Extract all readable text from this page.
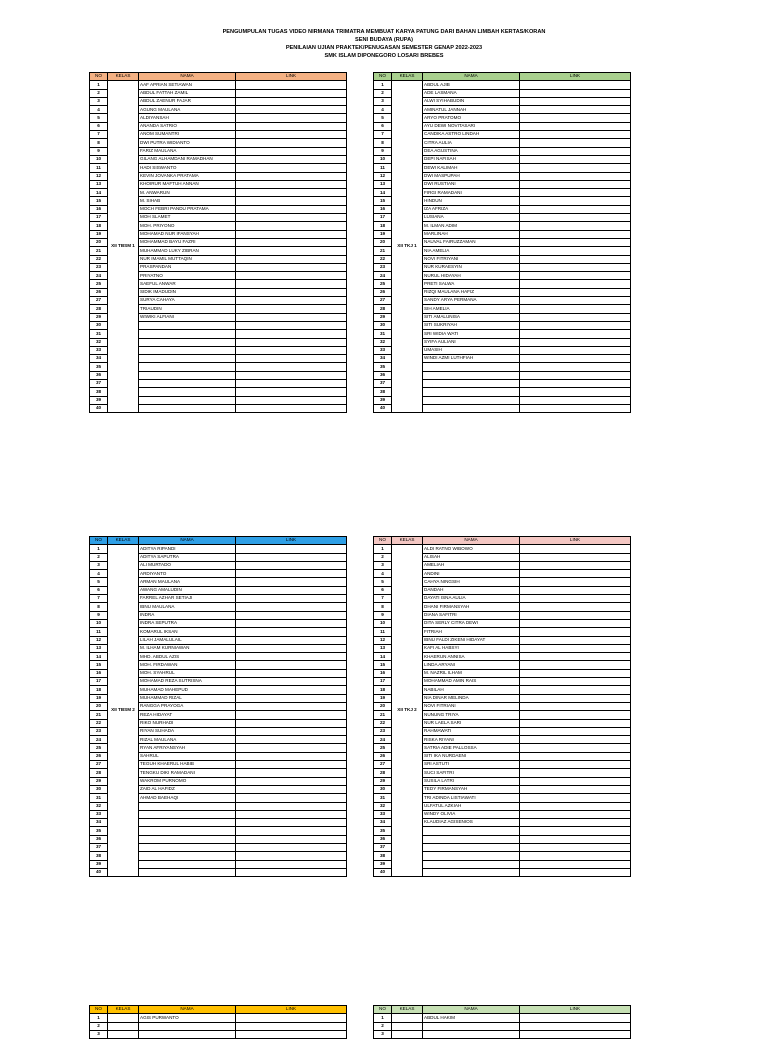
PENGUMPULAN TUGAS VIDEO NIRMANA TRIMATRA MEMBUAT KARYA PATUNG DARI BAHAN LIMBAH KERTAS/KORAN
SENI BUDAYA (RUPA)
PENILAIAN UJIAN PRAKTEK/PENUGASAN SEMESTER GENAP 2022-2023
SMK ISLAM DIPONEGORO LOSARI BREBES
NO	KELAS	NAMA	LINK
1	XII TBSM 1	AAF APRIAN SETIAWAN	
2		ABDUL FATTAH ZAMIL	
3		ABDUL ZAENUR FAJAR	
4		AGUNG MAULANA	
5		ALDIYANSAH	
6		ANANDA SATRIO	
7		ANOM SUMANTRI	
8		DWI PUTRA WIDIANTO	
9		FARIZ MAULANA	
10		GILANG ALHAMDANI RAMADHAN	
11		HADI SISWANTO	
12		KEVIN JOVANKA PRATAMA	
13		KHOIRUR MAFTUH ANNAN	
14		M. ANWARUN	
15		M. SIHAB	
16		MOCH FEBRI PANDU PRATAMA	
17		MOH SLAMET	
18		MOH. PRIYONO	
19		MOHAMAD NUR IFANSYAH	
20		MOHAMMAD BAYU FAZRI	
21		MUHAMMAD LUKY ZIBRAN	
22		NUR IMAMIL MUTTAQIN	
23		PRASPANDAN	
24		PRIYATNO	
25		SAEFUL ANWAR	
26		SIDIK IMADUDIN	
27		SURYA CAHAYA	
28		TRIAUDIN	
29		WIWIKI ALFIANI	
30			
31			
32			
33			
34			
35			
36			
37			
38			
39			
40			
NO	KELAS	NAMA	LINK
1	XII TKJ 1	ABDUL AJIB	
2		ADE LASMANA	
3		ALWI SYIHABUDIN	
4		AMINATUL JANNAH	
5		ARYO PRATOMO	
6		AYU DEWI NOVITASARI	
7		CANDIKA ASTRO LINDAH	
8		CITRA AULIA	
9		DEA AGUSTINA	
10		DEPI NAFISAH	
11		DEWI KALIMAH	
12		DWI MASPUPAH	
13		DWI RUSTIANI	
14		FIRGI RAMADANI	
15		HINDUN	
16		IZA AFRIZA	
17		LUSIANA	
18		M. ILMAN ADIM	
19		MARLINAH	
20		NAUVAL FAIRUZZAMAN	
21		NIA AMELIA	
22		NOVI FITRIYANI	
23		NUR KURAESYIN	
24		NURUL HIDAYAH	
25		PRETI SALWA	
26		RIZQI MAULANA HAFIZ	
27		SANDY ARYA PERMANA	
28		SIH AMELIA	
29		SITI AMALUNISA	
30		SITI SUKRIYAH	
31		SRI WIDIA WATI	
32		SYIFA AULIANI	
33		UMASIH	
34		WINDI AZMI LUTHFIAH	
35			
36			
37			
38			
39			
40			
NO	KELAS	NAMA	LINK
1	XII TBSM 2	ADITYA RIPANDI	
2		ADITYA SAPUTRA	
3		ALI MURTADO	
4		ARDIYANTO	
5		ARMAN MAULANA	
6		AWANG AMALUDIN	
7		FARREL AZHAR SETIAJI	
8		IBNU MAULANA	
9		INDRA	
10		INDRA SEPUTRA	
11		KOMARUL IKSAN	
12		LILAH JAMALULAIL	
13		M. ILHAM KURNIAWAN	
14		MHD. ABDUL AZIS	
15		MOH. FIRDAWAN	
16		MOH. SYAHRUL	
17		MOHAMAD REZA SUTRISNA	
18		MUHAMAD MAHEPUD	
19		MUHAMMAD RIZAL	
20		RANGGA PRAYOGA	
21		REZA HIDAYAT	
22		RIKO NURHADI	
23		RIYAN SUHADA	
24		RIZAL MAULANA	
25		RYAN AFRIYANSYAH	
26		SAHRUL	
27		TEGUH KHAERUL HABIB	
28		TENGKU DIKI RAMADANI	
29		WAKROM PURNOMO	
30		ZAID AL HAFIDZ	
31		AHMAD BAEHAQI	
32			
33			
34			
35			
36			
37			
38			
39			
40			
NO	KELAS	NAMA	LINK
1	XII TKJ 2	ALDI RATNO WIBOWO	
2		ALISAH	
3		AMELIAH	
4		ANDINI	
5		CAHYA NINGSIH	
6		DANDAH	
7		DAYATI ISNA AULIA	
8		DHANI FIRMANSYAH	
9		DIANA SAFITRI	
10		DITA SERLY CITRA DEWI	
11		FITRIAH	
12		IBNU FALDI ZIKENI HIDAYAT	
13		KAFI AL HABSYI	
14		KHAERUN ANNISA	
15		LINDA ARYANI	
16		M. NAZRIL ILHAM	
17		MOHAMMAD AMIN RAIS	
18		NABILAH	
19		NIA DINAR MELINDA	
20		NOVI FITRIANI	
21		NUNUNG TRIYA	
22		NUR LAELA SARI	
23		RAHMAWATI	
24		RISKA RIYANI	
25		SATRIA ADIE PALLOSSA	
26		SITI IKA NURDAENI	
27		SRI ASTUTI	
28		SUCI SAFITRI	
29		SUSILA LATRI	
30		TEDY FIRMANSYAH	
31		TRI ADINDA LISTIAWATI	
32		ULFATUL AZKIAH	
33		WINDY OLIVIA	
34		KLAUDIAZ AGISENIOS	
35			
36			
37			
38			
39			
40			
NO	KELAS	NAMA	LINK
1		AGIS PURWANTO	
2			
3			
NO	KELAS	NAMA	LINK
1		ABDUL HAKIM	
2			
3			
